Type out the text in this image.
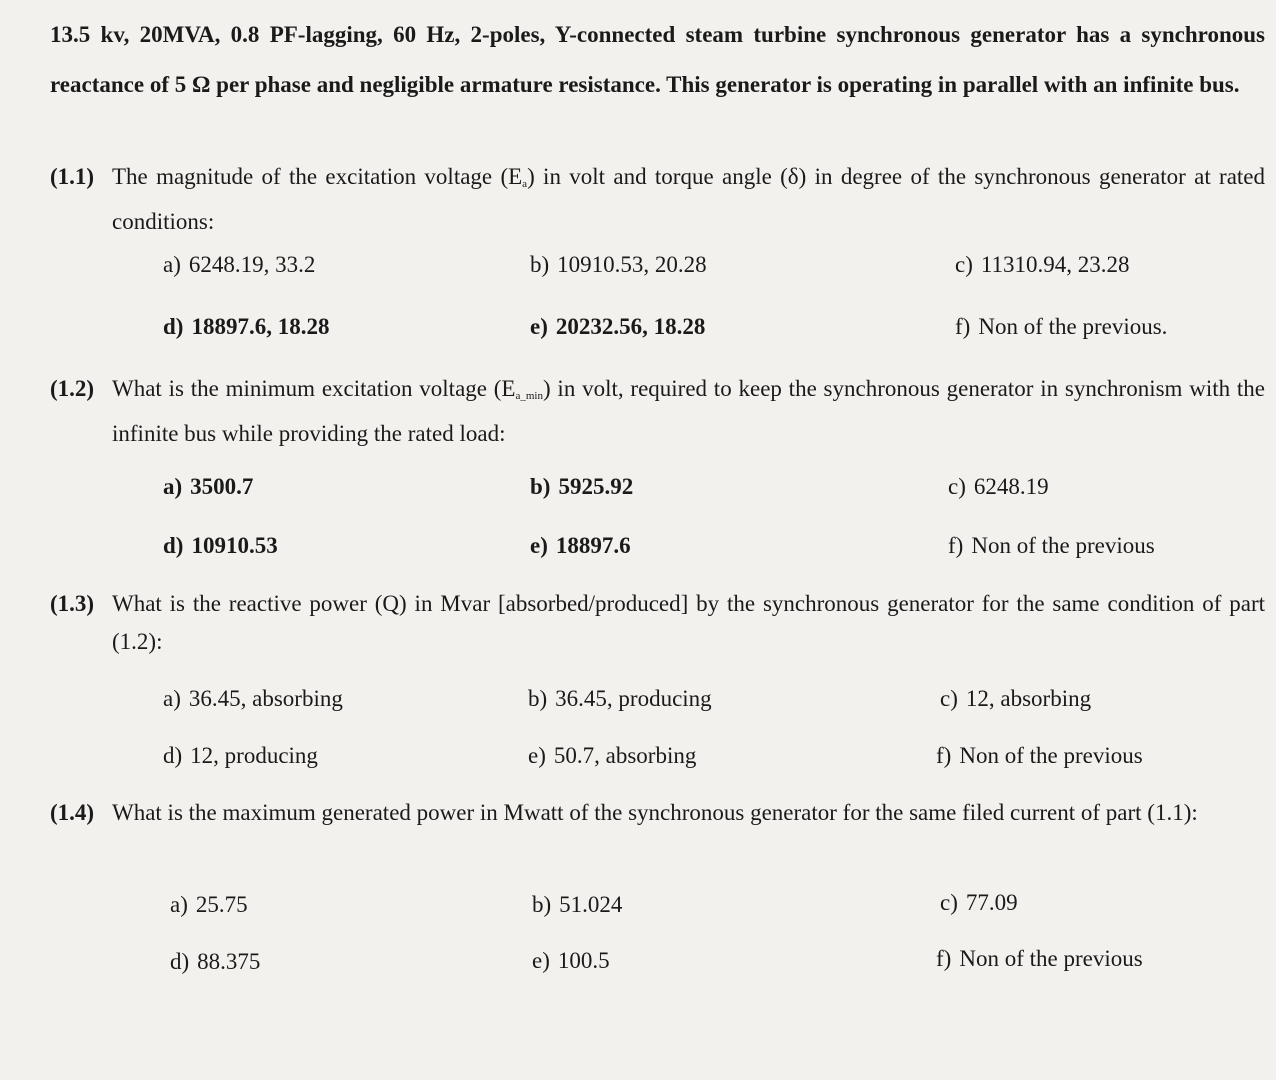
13.5 kv, 20MVA, 0.8 PF-lagging, 60 Hz, 2-poles, Y-connected steam turbine synchronous generator has a synchronous reactance of 5 Ω per phase and negligible armature resistance. This generator is operating in parallel with an infinite bus.
(1.1) The magnitude of the excitation voltage $(E_a)$ in volt and torque angle (δ) in degree of the synchronous generator at rated conditions:
a) 6248.19, 33.2	b) 10910.53, 20.28	c) 11310.94, 23.28
d) 18897.6, 18.28	e) 20232.56, 18.28	f) Non of the previous.
(1.2) What is the minimum excitation voltage $(E_{a\_min})$ in volt, required to keep the synchronous generator in synchronism with the infinite bus while providing the rated load:
a) 3500.7	b) 5925.92	c) 6248.19
d) 10910.53	e) 18897.6	f) Non of the previous
(1.3) What is the reactive power (Q) in Mvar [absorbed/produced] by the synchronous generator for the same condition of part (1.2):
a) 36.45, absorbing	b) 36.45, producing	c) 12, absorbing
d) 12, producing	e) 50.7, absorbing	f) Non of the previous
(1.4) What is the maximum generated power in Mwatt of the synchronous generator for the same filed current of part (1.1):
a) 25.75	b) 51.024	c) 77.09
d) 88.375	e) 100.5	f) Non of the previous
